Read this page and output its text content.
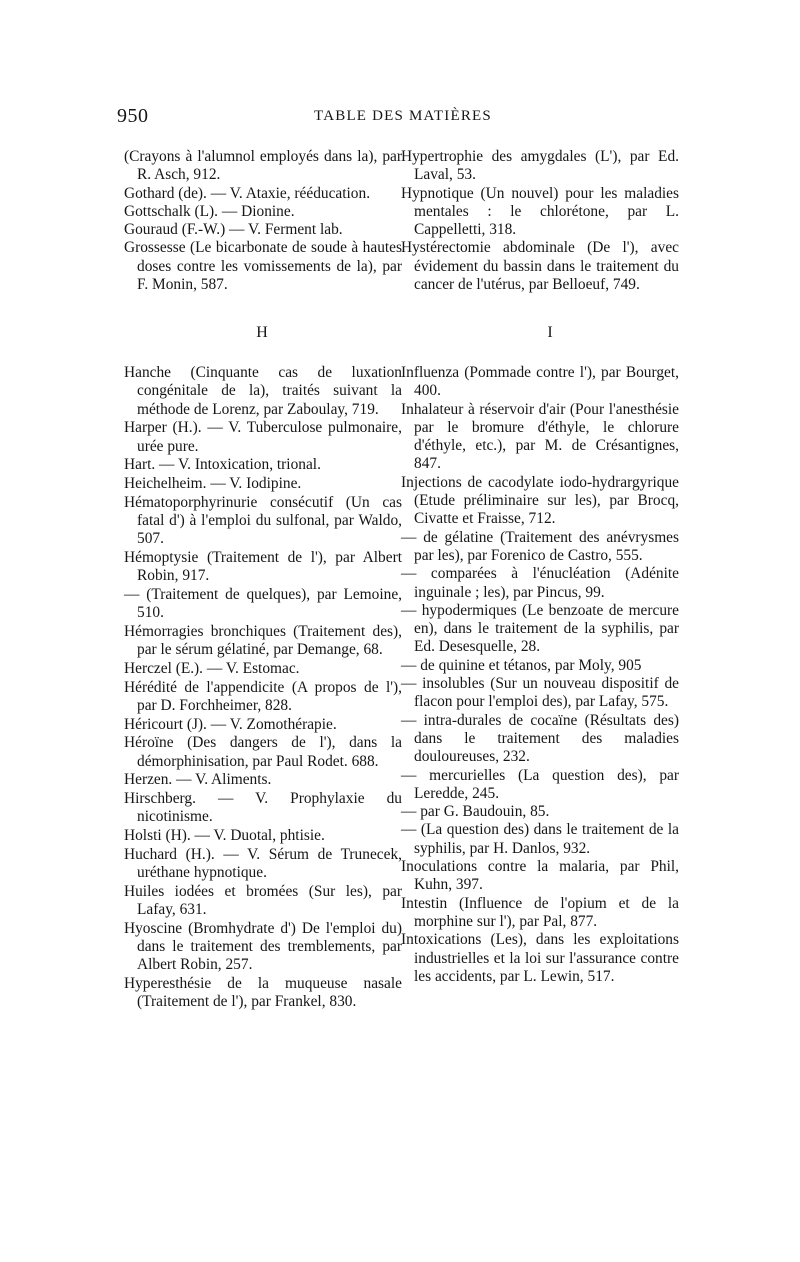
950	TABLE DES MATIÈRES
(Crayons à l'alumnol employés dans la), par R. Asch, 912.
Gothard (de). — V. Ataxie, rééducation.
Gottschalk (L). — Dionine.
Gouraud (F.-W.) — V. Ferment lab.
Grossesse (Le bicarbonate de soude à hautes doses contre les vomissements de la), par F. Monin, 587.
Hypertrophie des amygdales (L'), par Ed. Laval, 53.
Hypnotique (Un nouvel) pour les maladies mentales : le chlorétone, par L. Cappelletti, 318.
Hystérectomie abdominale (De l'), avec évidement du bassin dans le traitement du cancer de l'utérus, par Belloeuf, 749.
H	I
Hanche (Cinquante cas de luxation congénitale de la), traités suivant la méthode de Lorenz, par Zaboulay, 719.
Harper (H.). — V. Tuberculose pulmonaire, urée pure.
Hart. — V. Intoxication, trional.
Heichelheim. — V. Iodipine.
Hématoporphyrinurie consécutif (Un cas fatal d') à l'emploi du sulfonal, par Waldo, 507.
Hémoptysie (Traitement de l'), par Albert Robin, 917.
— (Traitement de quelques), par Lemoine, 510.
Hémorragies bronchiques (Traitement des), par le sérum gélatiné, par Demange, 68.
Herczel (E.). — V. Estomac.
Hérédité de l'appendicite (A propos de l'), par D. Forchheimer, 828.
Héricourt (J). — V. Zomothérapie.
Héroïne (Des dangers de l'), dans la démorphinisation, par Paul Rodet. 688.
Herzen. — V. Aliments.
Hirschberg. — V. Prophylaxie du nicotinisme.
Holsti (H). — V. Duotal, phtisie.
Huchard (H.). — V. Sérum de Trunecek, uréthane hypnotique.
Huiles iodées et bromées (Sur les), par Lafay, 631.
Hyoscine (Bromhydrate d') De l'emploi du) dans le traitement des tremblements, par Albert Robin, 257.
Hyperesthésie de la muqueuse nasale (Traitement de l'), par Frankel, 830.
Influenza (Pommade contre l'), par Bourget, 400.
Inhalateur à réservoir d'air (Pour l'anesthésie par le bromure d'éthyle, le chlorure d'éthyle, etc.), par M. de Crésantignes, 847.
Injections de cacodylate iodo-hydrargyrique (Etude préliminaire sur les), par Brocq, Civatte et Fraisse, 712.
— de gélatine (Traitement des anévrysmes par les), par Forenico de Castro, 555.
— comparées à l'énucléation (Adénite inguinale ; les), par Pincus, 99.
— hypodermiques (Le benzoate de mercure en), dans le traitement de la syphilis, par Ed. Desesquelle, 28.
— de quinine et tétanos, par Moly, 905
— insolubles (Sur un nouveau dispositif de flacon pour l'emploi des), par Lafay, 575.
— intra-durales de cocaïne (Résultats des) dans le traitement des maladies douloureuses, 232.
— mercurielles (La question des), par Leredde, 245.
— par G. Baudouin, 85.
— (La question des) dans le traitement de la syphilis, par H. Danlos, 932.
Inoculations contre la malaria, par Phil, Kuhn, 397.
Intestin (Influence de l'opium et de la morphine sur l'), par Pal, 877.
Intoxications (Les), dans les exploitations industrielles et la loi sur l'assurance contre les accidents, par L. Lewin, 517.
